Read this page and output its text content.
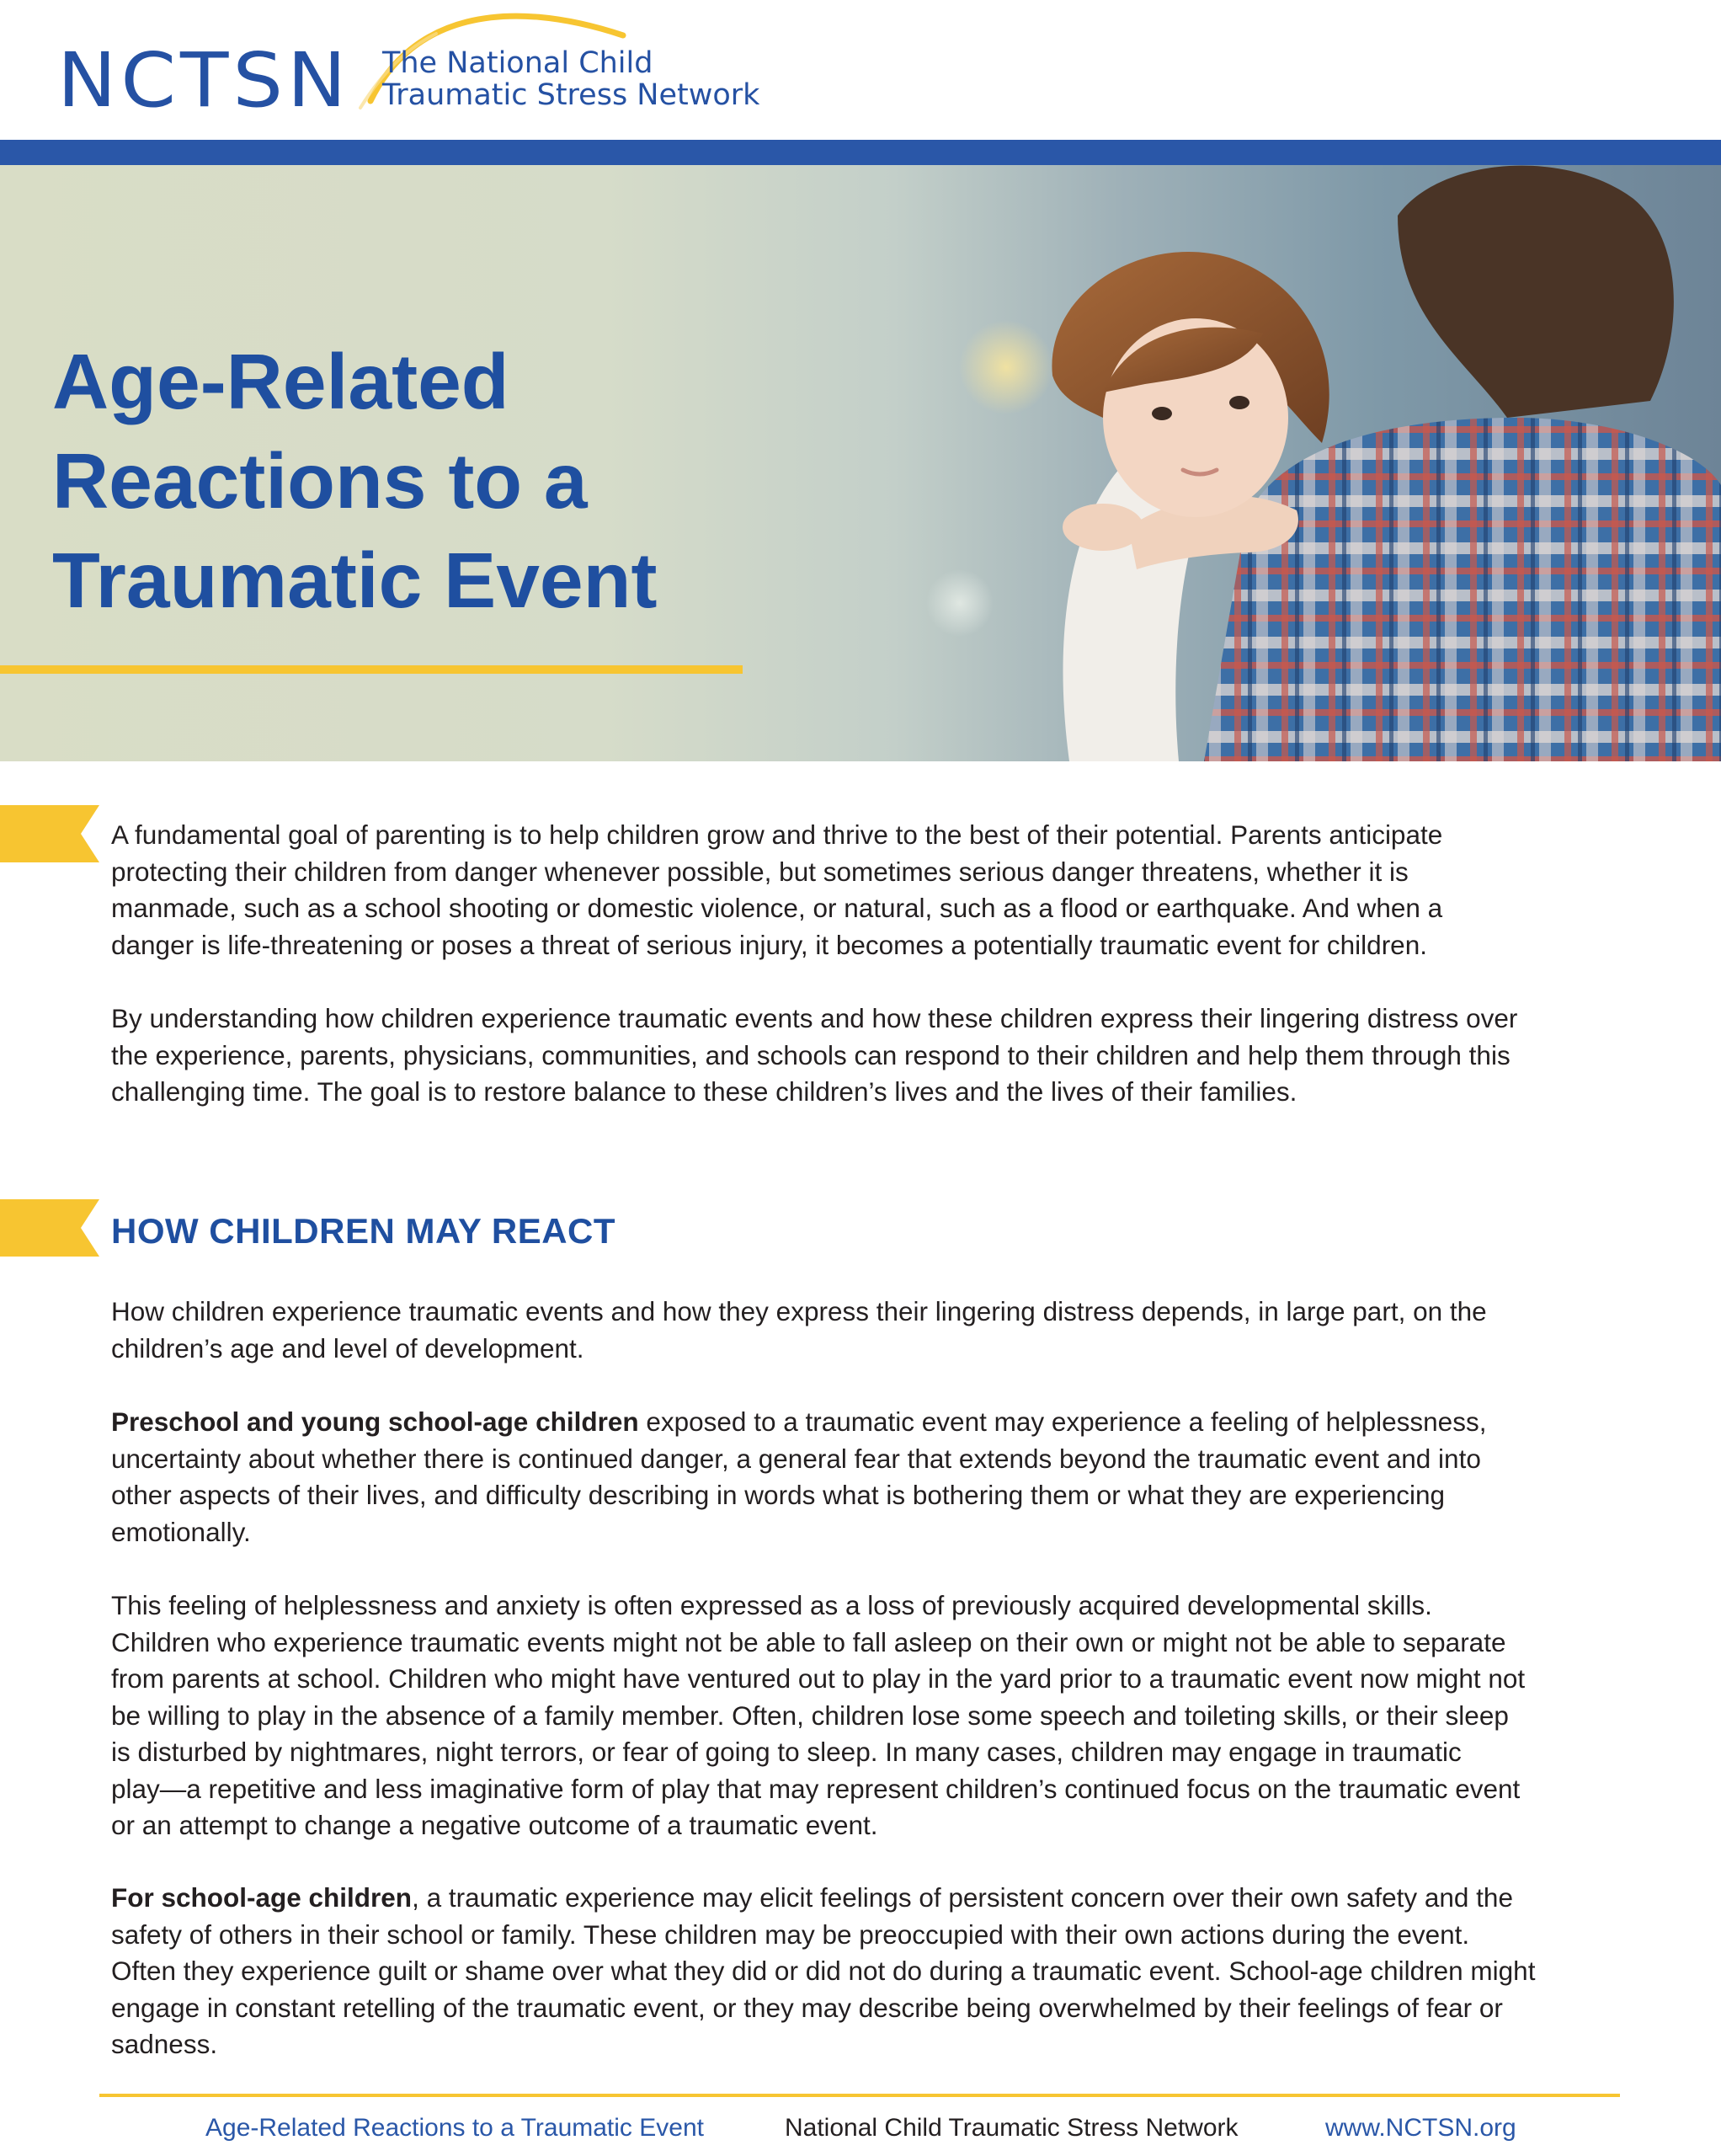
NCTSN The National Child
Traumatic Stress Network
Age-Related
Reactions to a
Traumatic Event
A fundamental goal of parenting is to help children grow and thrive to the best of their potential. Parents anticipate
protecting their children from danger whenever possible, but sometimes serious danger threatens, whether it is
manmade, such as a school shooting or domestic violence, or natural, such as a flood or earthquake. And when a
danger is life-threatening or poses a threat of serious injury, it becomes a potentially traumatic event for children.
By understanding how children experience traumatic events and how these children express their lingering distress over
the experience, parents, physicians, communities, and schools can respond to their children and help them through this
challenging time. The goal is to restore balance to these children’s lives and the lives of their families.
HOW CHILDREN MAY REACT
How children experience traumatic events and how they express their lingering distress depends, in large part, on the
children’s age and level of development.
Preschool and young school-age children exposed to a traumatic event may experience a feeling of helplessness,
uncertainty about whether there is continued danger, a general fear that extends beyond the traumatic event and into
other aspects of their lives, and difficulty describing in words what is bothering them or what they are experiencing
emotionally.
This feeling of helplessness and anxiety is often expressed as a loss of previously acquired developmental skills.
Children who experience traumatic events might not be able to fall asleep on their own or might not be able to separate
from parents at school. Children who might have ventured out to play in the yard prior to a traumatic event now might not
be willing to play in the absence of a family member. Often, children lose some speech and toileting skills, or their sleep
is disturbed by nightmares, night terrors, or fear of going to sleep. In many cases, children may engage in traumatic
play—a repetitive and less imaginative form of play that may represent children’s continued focus on the traumatic event
or an attempt to change a negative outcome of a traumatic event.
For school-age children, a traumatic experience may elicit feelings of persistent concern over their own safety and the
safety of others in their school or family. These children may be preoccupied with their own actions during the event.
Often they experience guilt or shame over what they did or did not do during a traumatic event. School-age children might
engage in constant retelling of the traumatic event, or they may describe being overwhelmed by their feelings of fear or
sadness.
Age-Related Reactions to a Traumatic Event	National Child Traumatic Stress Network	www.NCTSN.org
